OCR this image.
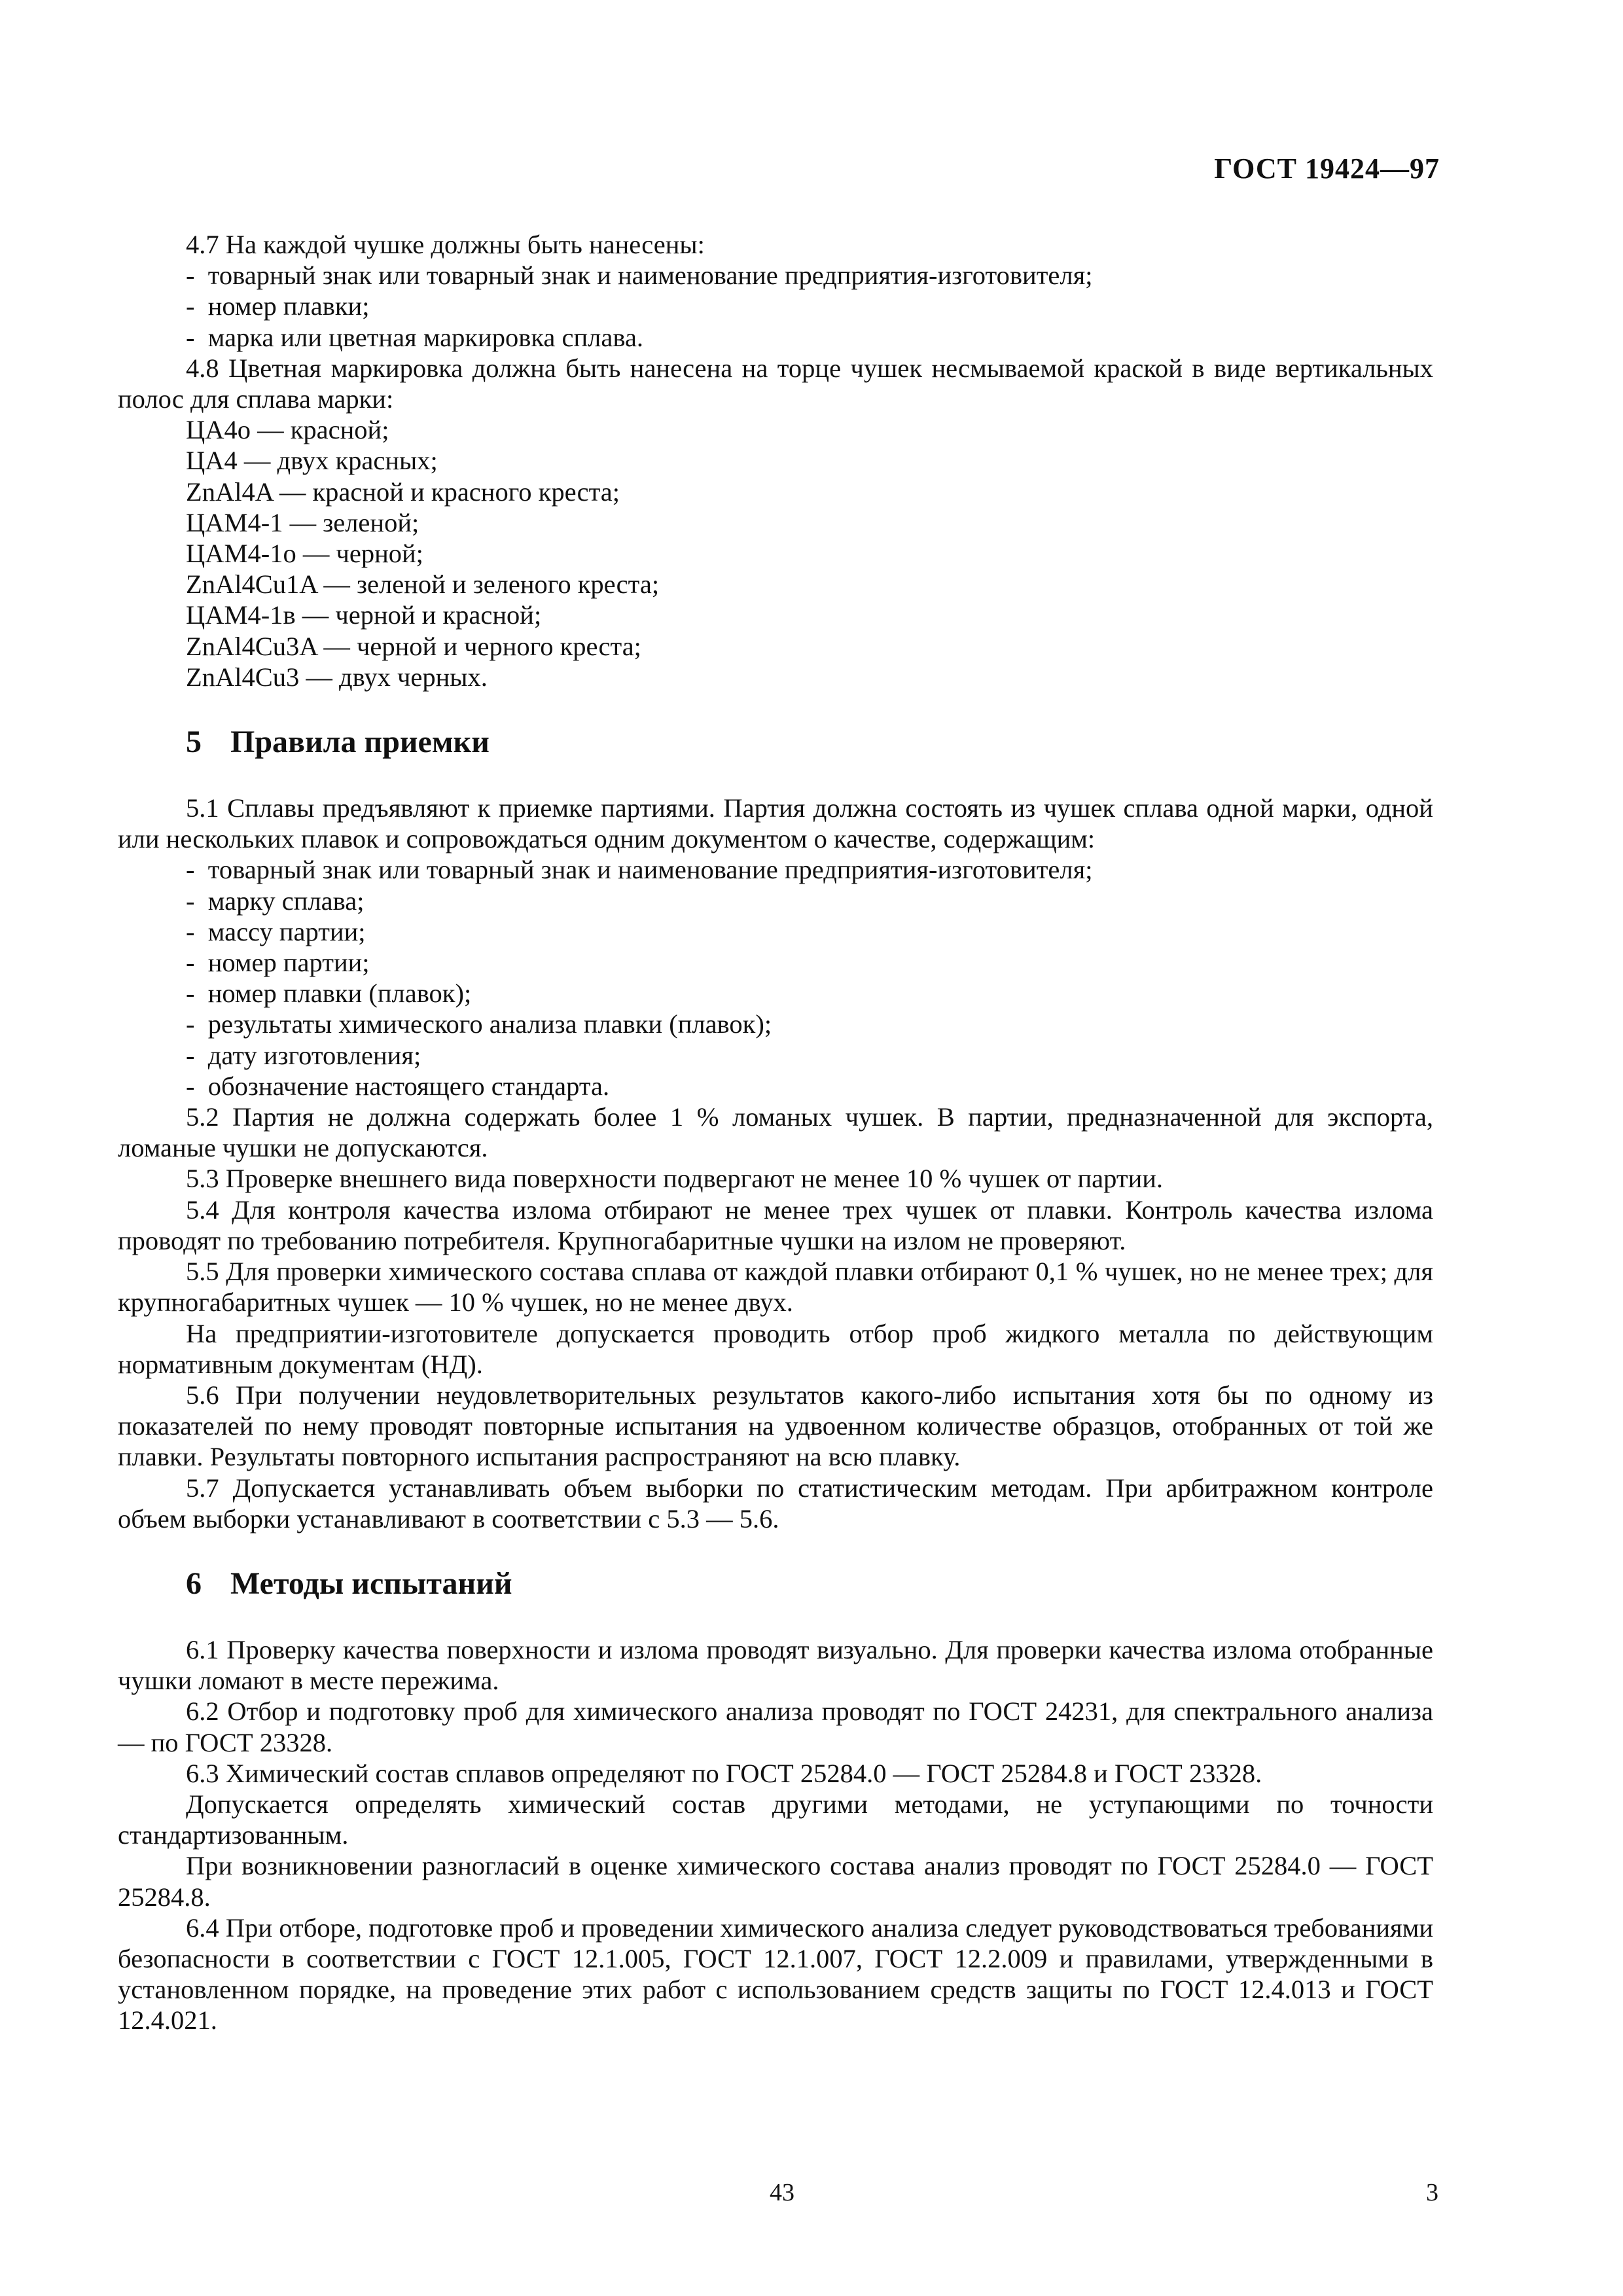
ГОСТ 19424—97

4.7 На каждой чушке должны быть нанесены:

-  товарный знак или товарный знак и наименование предприятия-изготовителя;

-  номер плавки;

-  марка или цветная маркировка сплава.

4.8 Цветная маркировка должна быть нанесена на торце чушек несмываемой краской в виде вертикальных полос для сплава марки:

ЦА4о — красной;

ЦА4 — двух красных;

ZnAl4A — красной и красного креста;

ЦАМ4-1 — зеленой;

ЦАМ4-1о — черной;

ZnAl4Cu1A — зеленой и зеленого креста;

ЦАМ4-1в — черной и красной;

ZnAl4Cu3A — черной и черного креста;

ZnAl4Cu3 — двух черных.

5 Правила приемки

5.1 Сплавы предъявляют к приемке партиями. Партия должна состоять из чушек сплава одной марки, одной или нескольких плавок и сопровождаться одним документом о качестве, содержащим:

-  товарный знак или товарный знак и наименование предприятия-изготовителя;

-  марку сплава;

-  массу партии;

-  номер партии;

-  номер плавки (плавок);

-  результаты химического анализа плавки (плавок);

-  дату изготовления;

-  обозначение настоящего стандарта.

5.2 Партия не должна содержать более 1 % ломаных чушек. В партии, предназначенной для экспорта, ломаные чушки не допускаются.

5.3 Проверке внешнего вида поверхности подвергают не менее 10 % чушек от партии.

5.4 Для контроля качества излома отбирают не менее трех чушек от плавки. Контроль качества излома проводят по требованию потребителя. Крупногабаритные чушки на излом не проверяют.

5.5 Для проверки химического состава сплава от каждой плавки отбирают 0,1 % чушек, но не менее трех; для крупногабаритных чушек — 10 % чушек, но не менее двух.

На предприятии-изготовителе допускается проводить отбор проб жидкого металла по действующим нормативным документам (НД).

5.6 При получении неудовлетворительных результатов какого-либо испытания хотя бы по одному из показателей по нему проводят повторные испытания на удвоенном количестве образцов, отобранных от той же плавки. Результаты повторного испытания распространяют на всю плавку.

5.7 Допускается устанавливать объем выборки по статистическим методам. При арбитражном контроле объем выборки устанавливают в соответствии с 5.3 — 5.6.

6 Методы испытаний

6.1 Проверку качества поверхности и излома проводят визуально. Для проверки качества излома отобранные чушки ломают в месте пережима.

6.2 Отбор и подготовку проб для химического анализа проводят по ГОСТ 24231, для спектрального анализа — по ГОСТ 23328.

6.3 Химический состав сплавов определяют по ГОСТ 25284.0 — ГОСТ 25284.8 и ГОСТ 23328.

Допускается определять химический состав другими методами, не уступающими по точности стандартизованным.

При возникновении разногласий в оценке химического состава анализ проводят по ГОСТ 25284.0 — ГОСТ 25284.8.

6.4 При отборе, подготовке проб и проведении химического анализа следует руководствоваться требованиями безопасности в соответствии с ГОСТ 12.1.005, ГОСТ 12.1.007, ГОСТ 12.2.009 и правилами, утвержденными в установленном порядке, на проведение этих работ с использованием средств защиты по ГОСТ 12.4.013 и ГОСТ 12.4.021.

43	3
